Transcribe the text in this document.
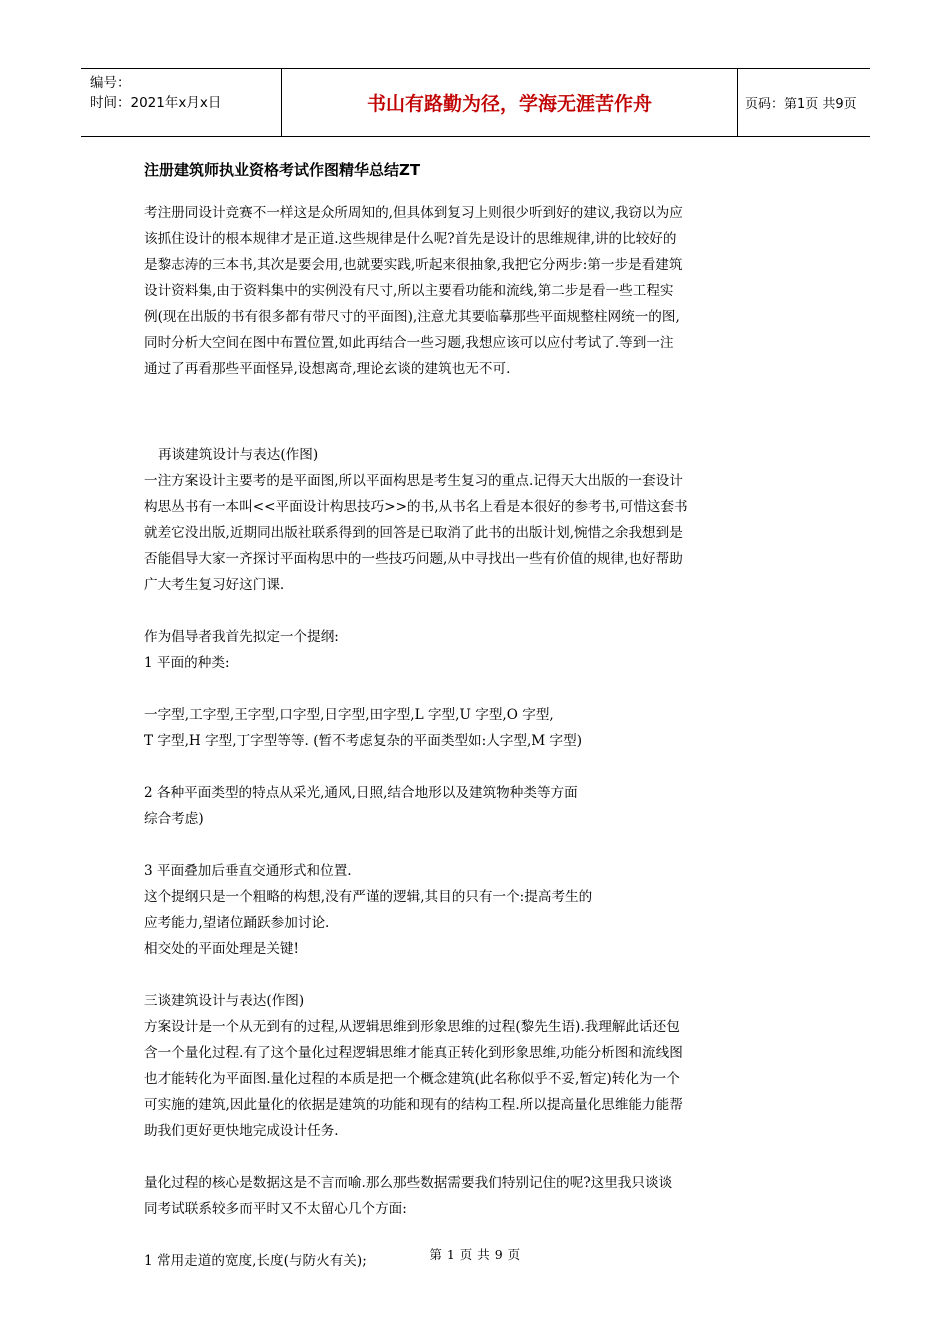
编号：
时间：2021年x月x日	书山有路勤为径，学海无涯苦作舟	页码：第1页 共9页

注册建筑师执业资格考试作图精华总结ZT

考注册同设计竞赛不一样这是众所周知的,但具体到复习上则很少听到好的建议,我窃以为应

该抓住设计的根本规律才是正道.这些规律是什么呢?首先是设计的思维规律,讲的比较好的

是黎志涛的三本书,其次是要会用,也就要实践,听起来很抽象,我把它分两步:第一步是看建筑

设计资料集,由于资料集中的实例没有尺寸,所以主要看功能和流线,第二步是看一些工程实

例(现在出版的书有很多都有带尺寸的平面图),注意尤其要临摹那些平面规整柱网统一的图,

同时分析大空间在图中布置位置,如此再结合一些习题,我想应该可以应付考试了.等到一注

通过了再看那些平面怪异,设想离奇,理论玄谈的建筑也无不可.

再谈建筑设计与表达(作图)

一注方案设计主要考的是平面图,所以平面构思是考生复习的重点.记得天大出版的一套设计

构思丛书有一本叫<<平面设计构思技巧>>的书,从书名上看是本很好的参考书,可惜这套书

就差它没出版,近期同出版社联系得到的回答是已取消了此书的出版计划,惋惜之余我想到是

否能倡导大家一齐探讨平面构思中的一些技巧问题,从中寻找出一些有价值的规律,也好帮助

广大考生复习好这门课.

作为倡导者我首先拟定一个提纲:

1 平面的种类:

一字型,工字型,王字型,口字型,日字型,田字型,L 字型,U 字型,O 字型,

T 字型,H 字型,丁字型等等. (暂不考虑复杂的平面类型如:人字型,M 字型)

2 各种平面类型的特点从采光,通风,日照,结合地形以及建筑物种类等方面

综合考虑)

3 平面叠加后垂直交通形式和位置.

这个提纲只是一个粗略的构想,没有严谨的逻辑,其目的只有一个:提高考生的

应考能力,望诸位踊跃参加讨论.

相交处的平面处理是关键!

三谈建筑设计与表达(作图)

方案设计是一个从无到有的过程,从逻辑思维到形象思维的过程(黎先生语).我理解此话还包

含一个量化过程.有了这个量化过程逻辑思维才能真正转化到形象思维,功能分析图和流线图

也才能转化为平面图.量化过程的本质是把一个概念建筑(此名称似乎不妥,暂定)转化为一个

可实施的建筑,因此量化的依据是建筑的功能和现有的结构工程.所以提高量化思维能力能帮

助我们更好更快地完成设计任务.

量化过程的核心是数据这是不言而喻.那么那些数据需要我们特别记住的呢?这里我只谈谈

同考试联系较多而平时又不太留心几个方面:

1 常用走道的宽度,长度(与防火有关);	第 1 页 共 9 页
